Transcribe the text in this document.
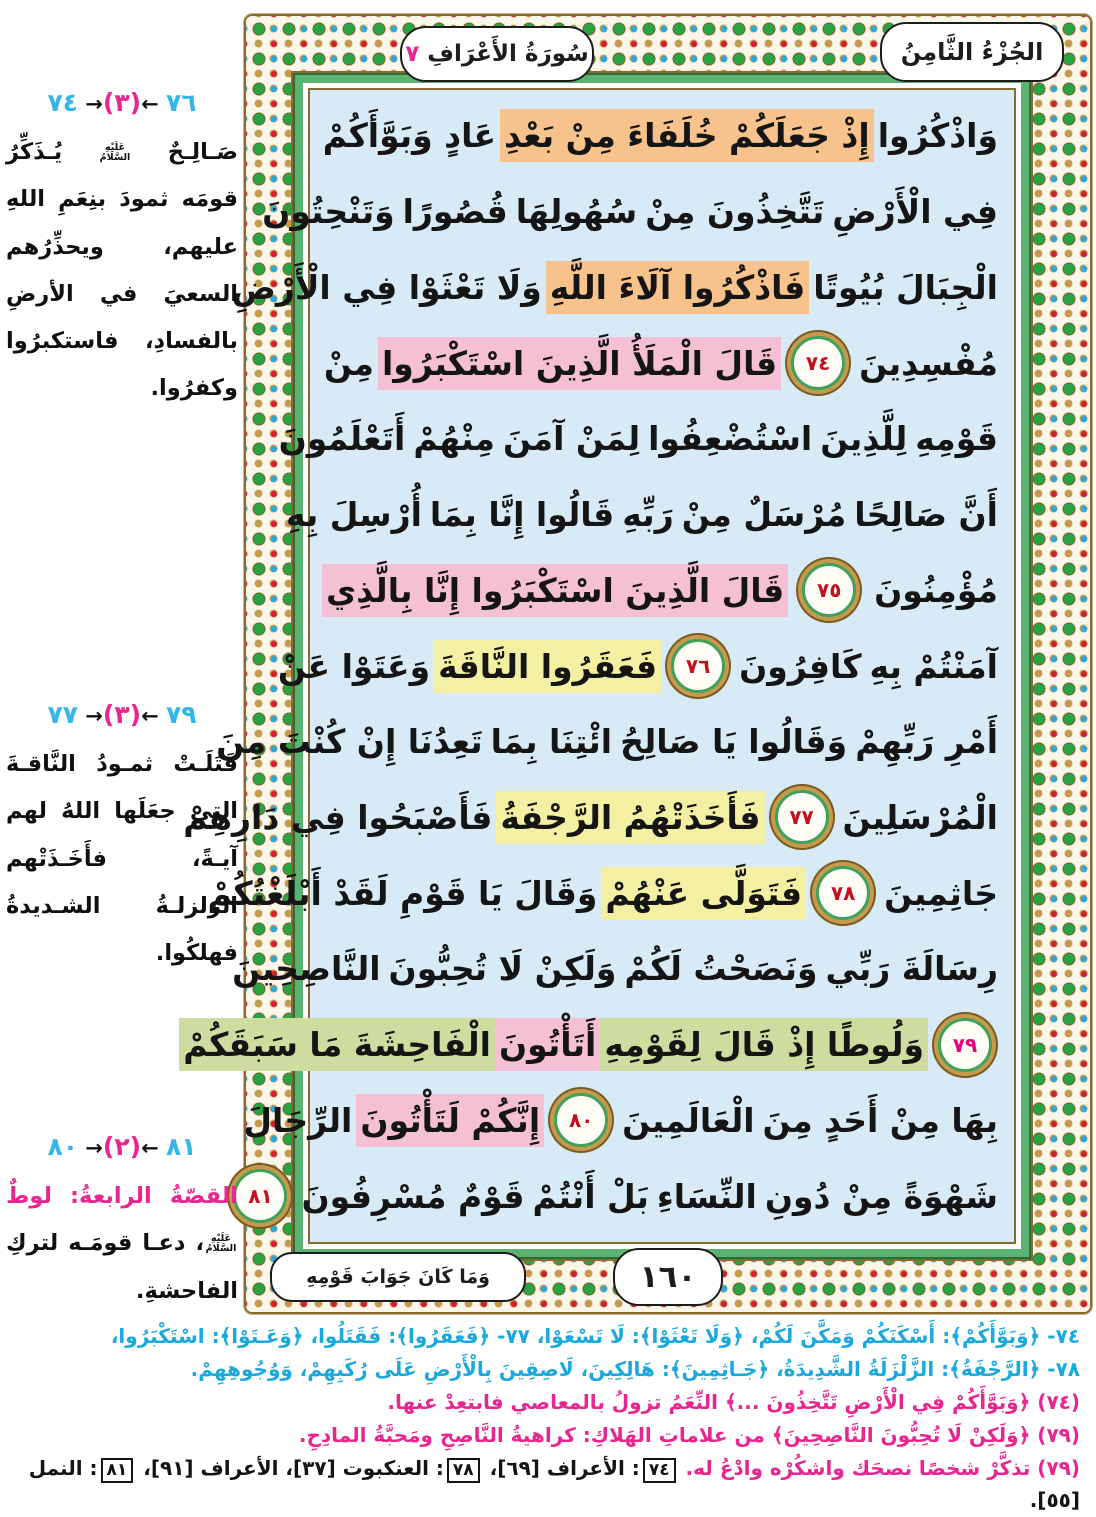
سُورَةُ الأَعْرَافِ
٧	الجُزْءُ الثَّامِنُ
١٦٠
وَمَا كَانَ جَوَابَ قَوْمِهِ
وَاذْكُرُوا
إِذْ جَعَلَكُمْ خُلَفَاءَ مِنْ بَعْدِ
عَادٍ وَبَوَّأَكُمْ
فِي الْأَرْضِ
تَتَّخِذُونَ مِنْ
سُهُولِهَا
قُصُورًا
وَتَنْحِتُونَ
الْجِبَالَ بُيُوتًا
فَاذْكُرُوا آلَاءَ اللَّهِ
وَلَا تَعْثَوْا فِي الْأَرْضِ
مُفْسِدِينَ
٧٤
قَالَ الْمَلَأُ الَّذِينَ اسْتَكْبَرُوا
مِنْ
قَوْمِهِ
لِلَّذِينَ
اسْتُضْعِفُوا
لِمَنْ آمَنَ
مِنْهُمْ
أَتَعْلَمُونَ
أَنَّ صَالِحًا
مُرْسَلٌ مِنْ
رَبِّهِ
قَالُوا إِنَّا بِمَا
أُرْسِلَ بِهِ
مُؤْمِنُونَ
٧٥
قَالَ الَّذِينَ اسْتَكْبَرُوا إِنَّا بِالَّذِي
آمَنْتُمْ بِهِ
كَافِرُونَ
٧٦
فَعَقَرُوا النَّاقَةَ
وَعَتَوْا عَنْ
أَمْرِ رَبِّهِمْ
وَقَالُوا يَا صَالِحُ
ائْتِنَا بِمَا
تَعِدُنَا إِنْ كُنْتَ مِنَ
الْمُرْسَلِينَ
٧٧
فَأَخَذَتْهُمُ الرَّجْفَةُ
فَأَصْبَحُوا فِي دَارِهِمْ
جَاثِمِينَ
٧٨
فَتَوَلَّى عَنْهُمْ
وَقَالَ يَا قَوْمِ لَقَدْ أَبْلَغْتُكُمْ
رِسَالَةَ رَبِّي
وَنَصَحْتُ لَكُمْ
وَلَكِنْ لَا تُحِبُّونَ
النَّاصِحِينَ
٧٩
وَلُوطًا إِذْ قَالَ لِقَوْمِهِ
أَتَأْتُونَ
الْفَاحِشَةَ مَا سَبَقَكُمْ
بِهَا مِنْ أَحَدٍ مِنَ
الْعَالَمِينَ
٨٠
إِنَّكُمْ لَتَأْتُونَ
الرِّجَالَ
شَهْوَةً مِنْ دُونِ
النِّسَاءِ
بَلْ أَنْتُمْ
قَوْمٌ مُسْرِفُونَ
٨١
٧٦ ←(٣)→ ٧٤
صَـالِـحٌ عَلَيْهِ السَّلَامُ يُـذَكِّرُ قومَه ثمودَ بنِعَمِ اللهِ عليهم، ويحذِّرُهم السعيَ في الأرضِ بالفسادِ، فاستكبرُوا وكفرُوا.
٧٩ ←(٣)→ ٧٧
قَتَلَـتْ ثمـودُ النَّاقـةَ التي جعَلَها اللهُ لهم آيـةً، فأَخَـذَتْهم الزلزلـةُ الشـديدةُ فهلكُوا.
٨١ ←(٢)→ ٨٠
القصّةُ الرابعةُ: لوطٌعَلَيْهِ السَّلَامُ، دعـا قومَـه لتركِ الفاحشةِ.
٧٤- ﴿وَبَوَّأَكُمْ﴾: أَسْكَنَكُمْ وَمَكَّنَ لَكُمْ، ﴿وَلَا تَعْثَوْا﴾: لَا تَسْعَوْا، ٧٧- ﴿فَعَقَرُوا﴾: فَقَتَلُوا، ﴿وَعَـتَوْا﴾: اسْتَكْبَرُوا،
٧٨- ﴿الرَّجْفَةُ﴾: الزَّلْزَلَةُ الشَّدِيدَةُ، ﴿جَـاثِمِينَ﴾: هَالِكِينَ، لَاصِقِينَ بِالْأَرْضِ عَلَى رُكَبِهِمْ، وَوُجُوهِهِمْ.
(٧٤) ﴿وَبَوَّأَكُمْ فِي الْأَرْضِ تَتَّخِذُونَ ...﴾ النِّعَمُ تزولُ بالمعاصي فابتعِدْ عنها.
(٧٩) ﴿وَلَكِنْ لَا تُحِبُّونَ النَّاصِحِينَ﴾ من علاماتِ الهَلاكِ: كراهيةُ النَّاصِحِ ومَحبَّةُ المادِحِ.
(٧٩) تذكَّرْ شخصًا نصحَك واشكُرْه وادْعُ له. ٧٤: الأعراف [٦٩]، ٧٨: العنكبوت [٣٧]، الأعراف [٩١]، ٨١: النمل [٥٥].
